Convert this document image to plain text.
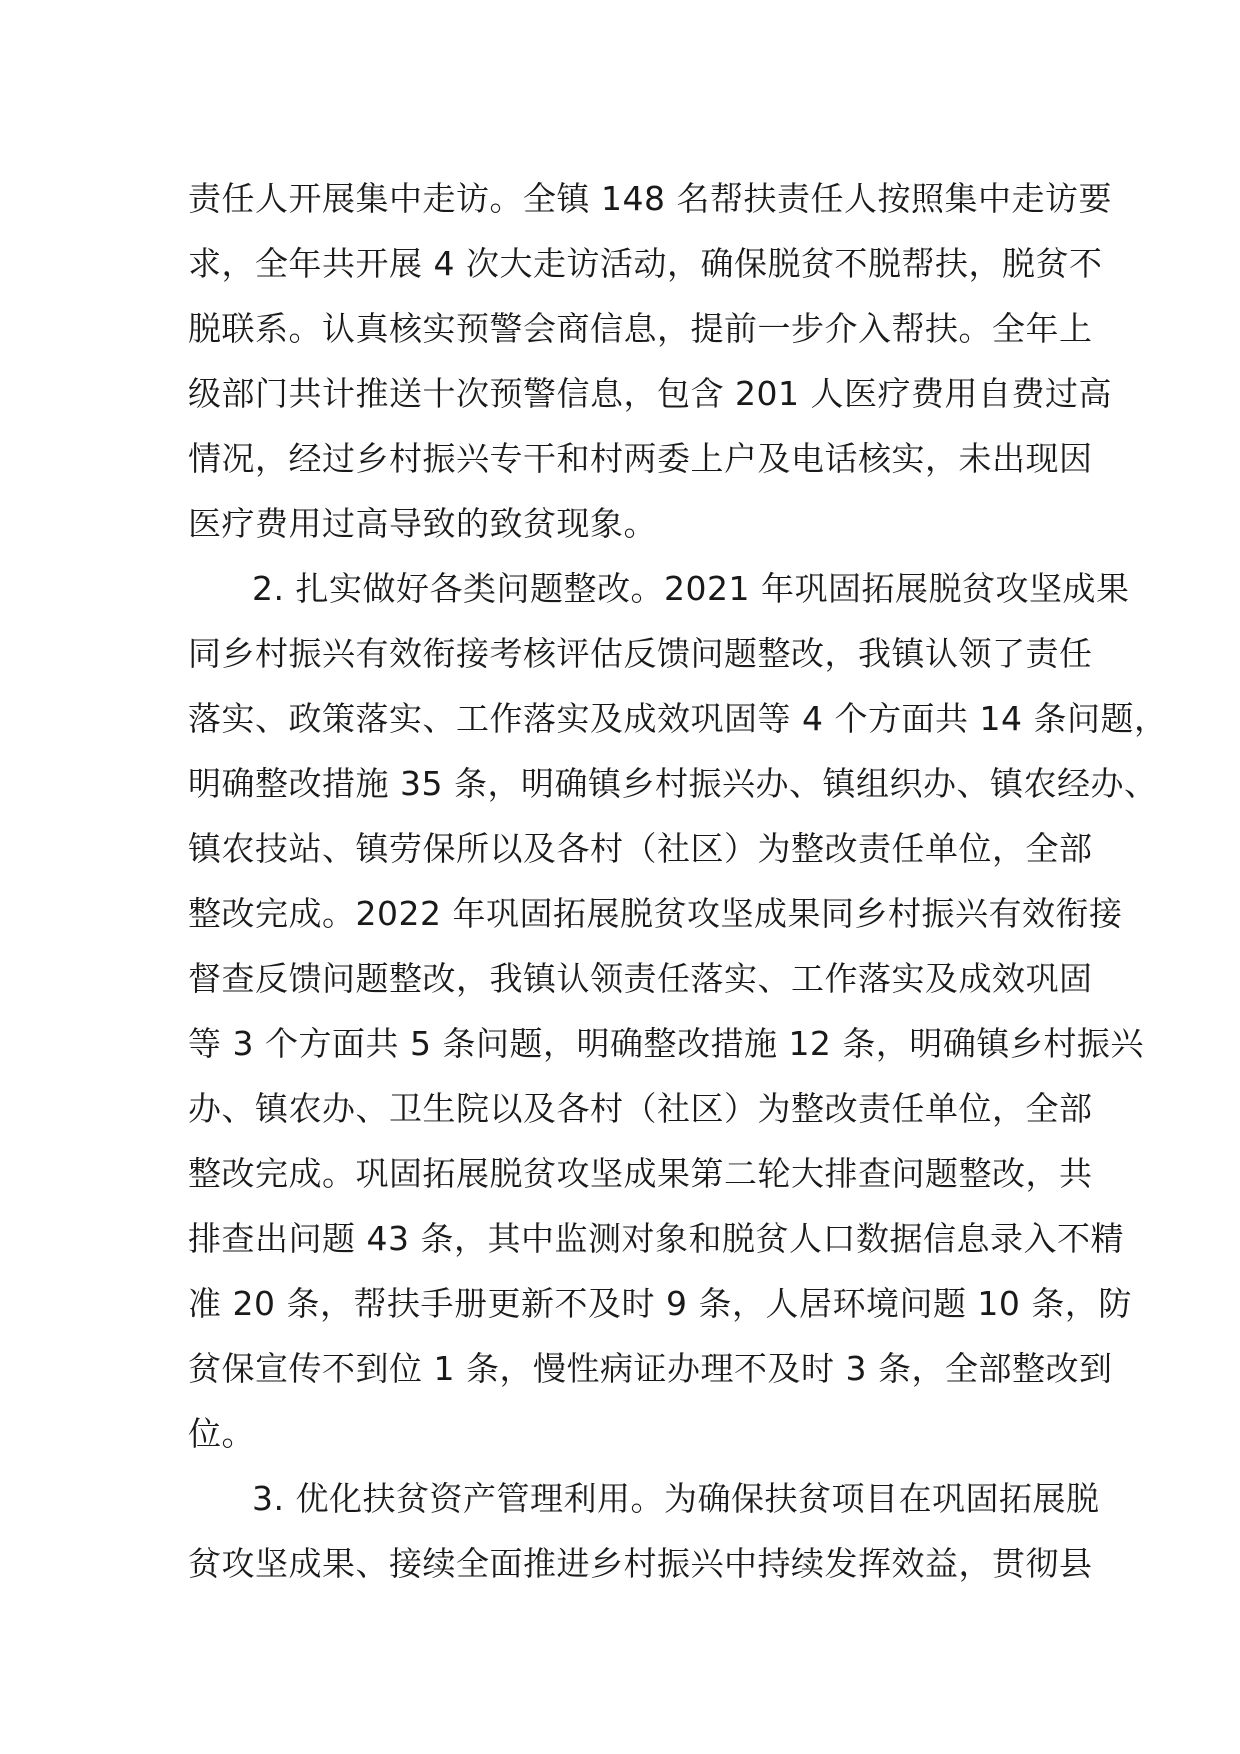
责任人开展集中走访。全镇 148 名帮扶责任人按照集中走访要
求，全年共开展 4 次大走访活动，确保脱贫不脱帮扶，脱贫不
脱联系。认真核实预警会商信息，提前一步介入帮扶。全年上
级部门共计推送十次预警信息，包含 201 人医疗费用自费过高
情况，经过乡村振兴专干和村两委上户及电话核实，未出现因
医疗费用过高导致的致贫现象。
2. 扎实做好各类问题整改。2021 年巩固拓展脱贫攻坚成果
同乡村振兴有效衔接考核评估反馈问题整改，我镇认领了责任
落实、政策落实、工作落实及成效巩固等 4 个方面共 14 条问题，
明确整改措施 35 条，明确镇乡村振兴办、镇组织办、镇农经办、
镇农技站、镇劳保所以及各村（社区）为整改责任单位，全部
整改完成。2022 年巩固拓展脱贫攻坚成果同乡村振兴有效衔接
督查反馈问题整改，我镇认领责任落实、工作落实及成效巩固
等 3 个方面共 5 条问题，明确整改措施 12 条，明确镇乡村振兴
办、镇农办、卫生院以及各村（社区）为整改责任单位，全部
整改完成。巩固拓展脱贫攻坚成果第二轮大排查问题整改，共
排查出问题 43 条，其中监测对象和脱贫人口数据信息录入不精
准 20 条，帮扶手册更新不及时 9 条，人居环境问题 10 条，防
贫保宣传不到位 1 条，慢性病证办理不及时 3 条，全部整改到
位。
3. 优化扶贫资产管理利用。为确保扶贫项目在巩固拓展脱
贫攻坚成果、接续全面推进乡村振兴中持续发挥效益，贯彻县
